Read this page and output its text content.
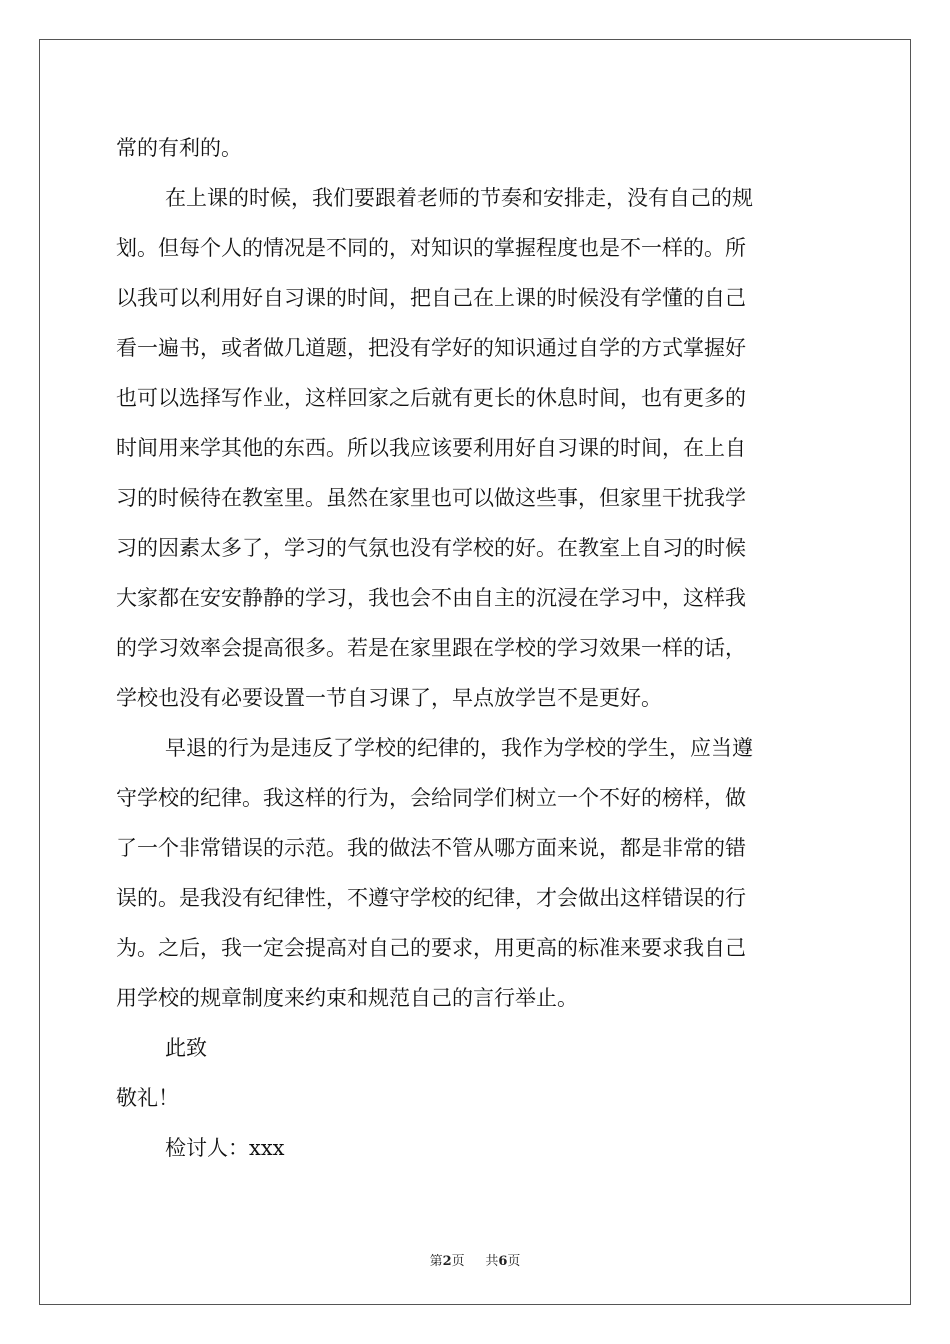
常的有利的。
在上课的时候，我们要跟着老师的节奏和安排走，没有自己的规
划。但每个人的情况是不同的，对知识的掌握程度也是不一样的。所
以我可以利用好自习课的时间，把自己在上课的时候没有学懂的自己
看一遍书，或者做几道题，把没有学好的知识通过自学的方式掌握好
也可以选择写作业，这样回家之后就有更长的休息时间，也有更多的
时间用来学其他的东西。所以我应该要利用好自习课的时间，在上自
习的时候待在教室里。虽然在家里也可以做这些事，但家里干扰我学
习的因素太多了，学习的气氛也没有学校的好。在教室上自习的时候
大家都在安安静静的学习，我也会不由自主的沉浸在学习中，这样我
的学习效率会提高很多。若是在家里跟在学校的学习效果一样的话，
学校也没有必要设置一节自习课了，早点放学岂不是更好。
早退的行为是违反了学校的纪律的，我作为学校的学生，应当遵
守学校的纪律。我这样的行为，会给同学们树立一个不好的榜样，做
了一个非常错误的示范。我的做法不管从哪方面来说，都是非常的错
误的。是我没有纪律性，不遵守学校的纪律，才会做出这样错误的行
为。之后，我一定会提高对自己的要求，用更高的标准来要求我自己
用学校的规章制度来约束和规范自己的言行举止。
此致
敬礼！
检讨人：xxx
第2页 共6页
